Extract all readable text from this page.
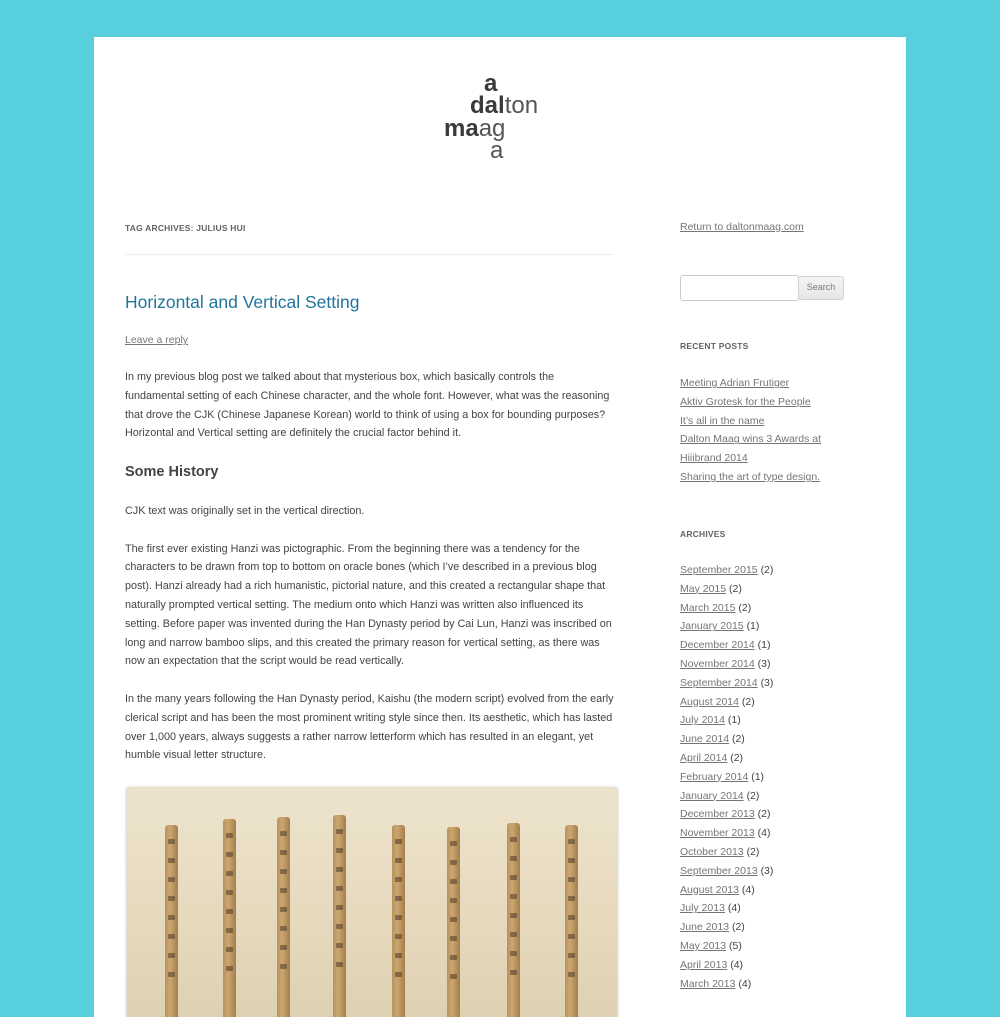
a
dalton
maag
a
TAG ARCHIVES: JULIUS HUI
Horizontal and Vertical Setting
Leave a reply

In my previous blog post we talked about that mysterious box, which basically controls the fundamental setting of each Chinese character, and the whole font. However, what was the reasoning that drove the CJK (Chinese Japanese Korean) world to think of using a box for bounding purposes? Horizontal and Vertical setting are definitely the crucial factor behind it.

Some History

CJK text was originally set in the vertical direction.

The first ever existing Hanzi was pictographic. From the beginning there was a tendency for the characters to be drawn from top to bottom on oracle bones (which I’ve described in a previous blog post). Hanzi already had a rich humanistic, pictorial nature, and this created a rectangular shape that naturally prompted vertical setting. The medium onto which Hanzi was written also influenced its setting. Before paper was invented during the Han Dynasty period by Cai Lun, Hanzi was inscribed on long and narrow bamboo slips, and this created the primary reason for vertical setting, as there was now an expectation that the script would be read vertically.

In the many years following the Han Dynasty period, Kaishu (the modern script) evolved from the early clerical script and has been the most prominent writing style since then. Its aesthetic, which has lasted over 1,000 years, always suggests a rather narrow letterform which has resulted in an elegant, yet humble visual letter structure.

Return to daltonmaag.com
Search
RECENT POSTS
Meeting Adrian Frutiger
Aktiv Grotesk for the People
It’s all in the name
Dalton Maag wins 3 Awards at Hiiibrand 2014
Sharing the art of type design.
ARCHIVES
September 2015 (2)
May 2015 (2)
March 2015 (2)
January 2015 (1)
December 2014 (1)
November 2014 (3)
September 2014 (3)
August 2014 (2)
July 2014 (1)
June 2014 (2)
April 2014 (2)
February 2014 (1)
January 2014 (2)
December 2013 (2)
November 2013 (4)
October 2013 (2)
September 2013 (3)
August 2013 (4)
July 2013 (4)
June 2013 (2)
May 2013 (5)
April 2013 (4)
March 2013 (4)
